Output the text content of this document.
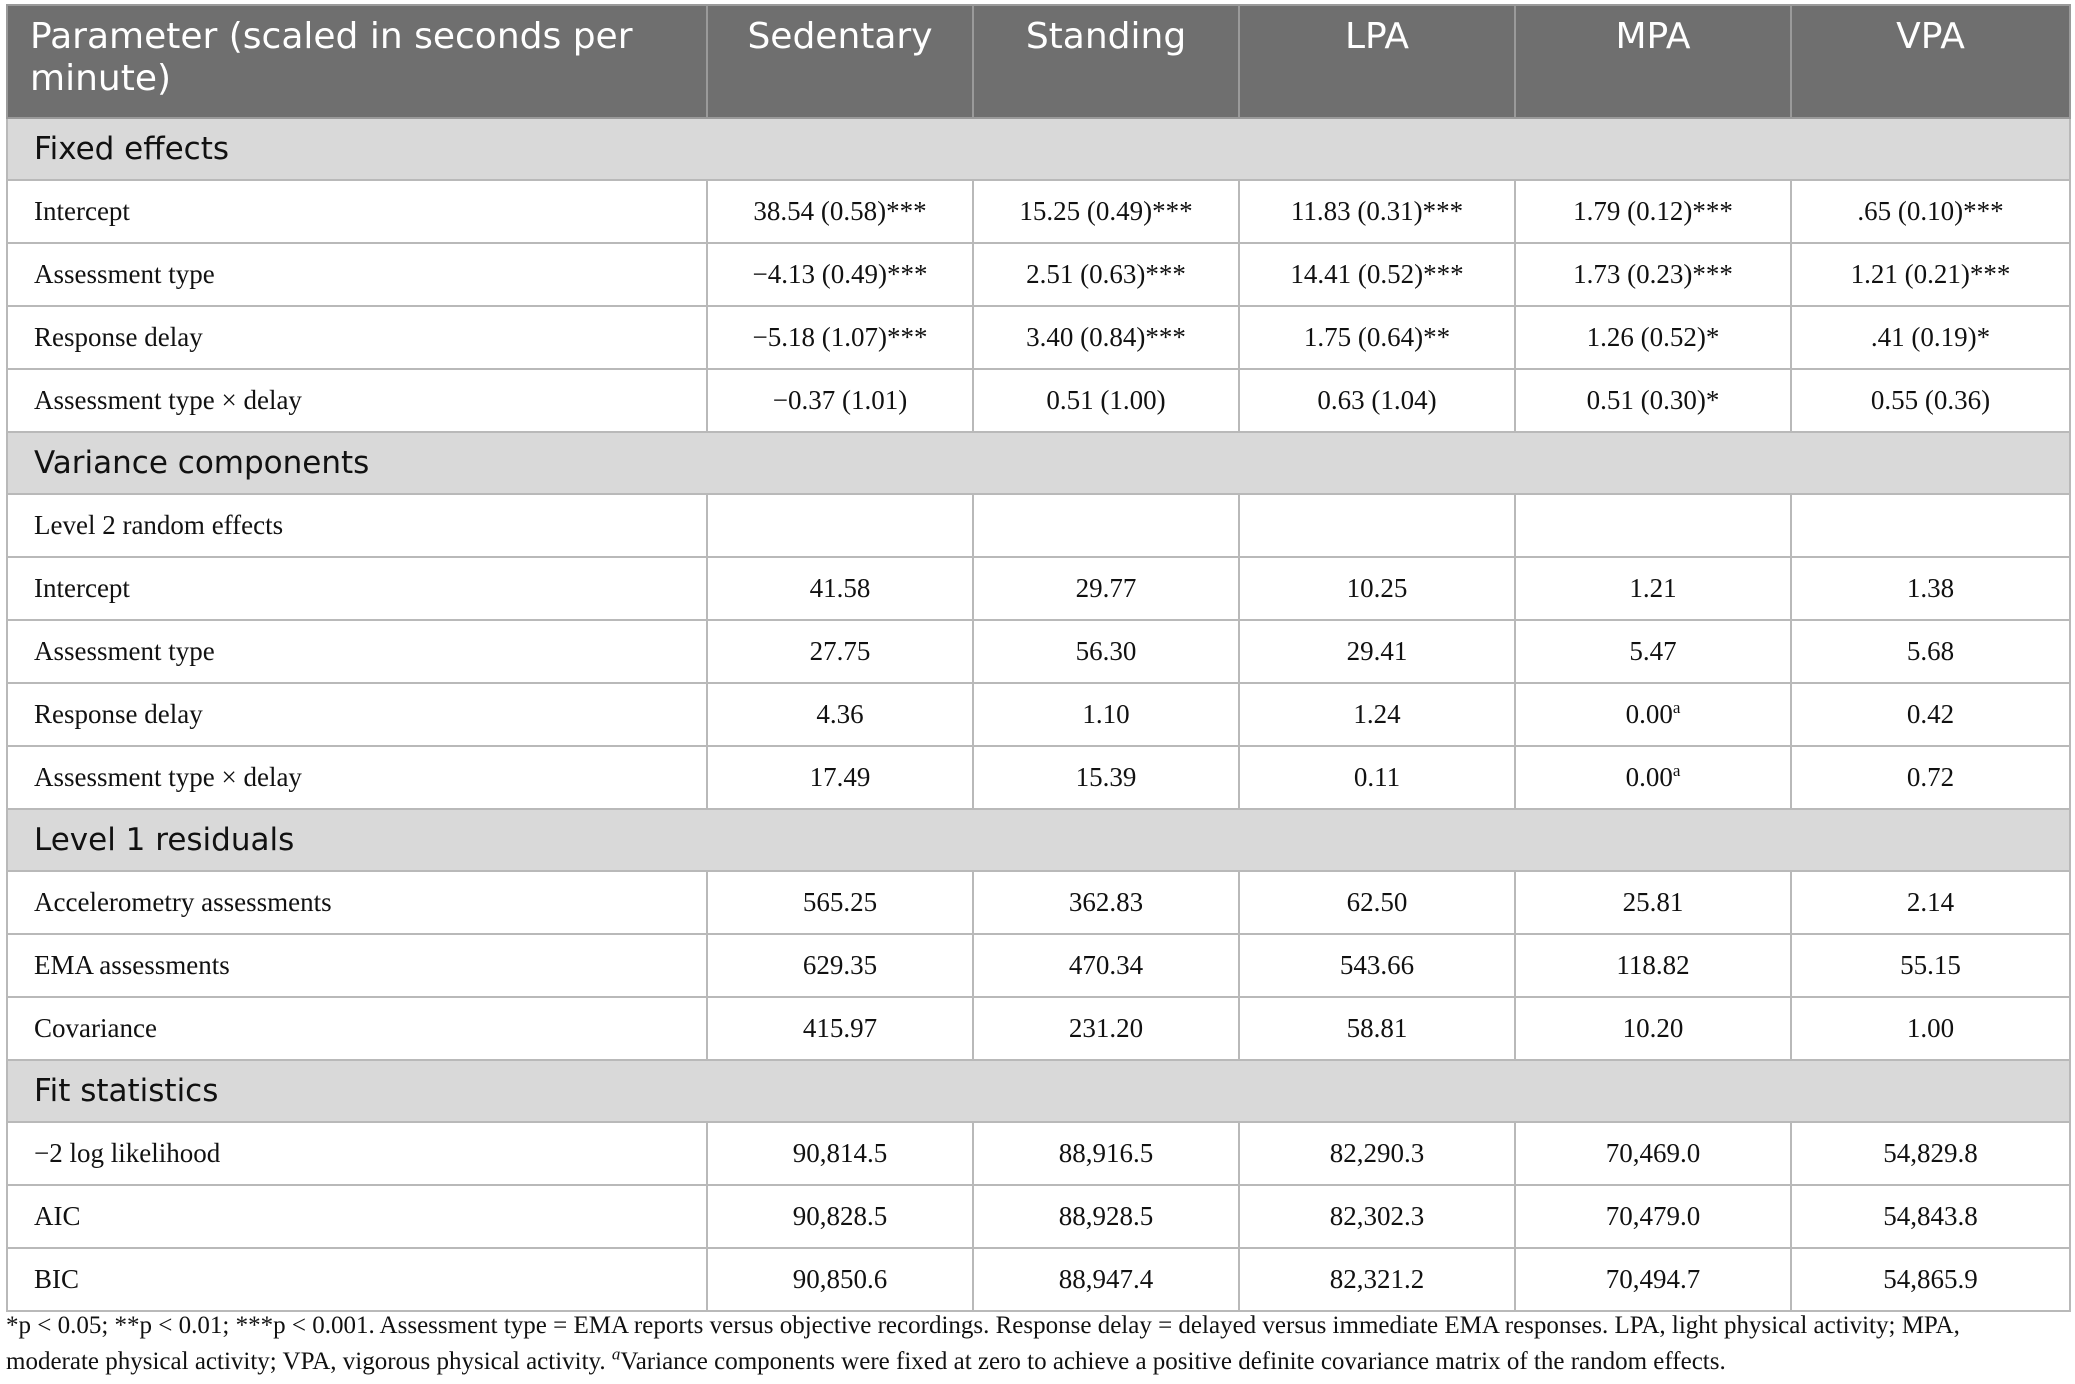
Parameter (scaled in seconds per minute)	Sedentary	Standing	LPA	MPA	VPA
Fixed effects					
Intercept	38.54 (0.58)***	15.25 (0.49)***	11.83 (0.31)***	1.79 (0.12)***	.65 (0.10)***
Assessment type	−4.13 (0.49)***	2.51 (0.63)***	14.41 (0.52)***	1.73 (0.23)***	1.21 (0.21)***
Response delay	−5.18 (1.07)***	3.40 (0.84)***	1.75 (0.64)**	1.26 (0.52)*	.41 (0.19)*
Assessment type × delay	−0.37 (1.01)	0.51 (1.00)	0.63 (1.04)	0.51 (0.30)*	0.55 (0.36)
Variance components					
Level 2 random effects					
Intercept	41.58	29.77	10.25	1.21	1.38
Assessment type	27.75	56.30	29.41	5.47	5.68
Response delay	4.36	1.10	1.24	0.00$^a$	0.42
Assessment type × delay	17.49	15.39	0.11	0.00$^a$	0.72
Level 1 residuals					
Accelerometry assessments	565.25	362.83	62.50	25.81	2.14
EMA assessments	629.35	470.34	543.66	118.82	55.15
Covariance	415.97	231.20	58.81	10.20	1.00
Fit statistics					
−2 log likelihood	90,814.5	88,916.5	82,290.3	70,469.0	54,829.8
AIC	90,828.5	88,928.5	82,302.3	70,479.0	54,843.8
BIC	90,850.6	88,947.4	82,321.2	70,494.7	54,865.9

*p < 0.05; **p < 0.01; ***p < 0.001. Assessment type = EMA reports versus objective recordings. Response delay = delayed versus immediate EMA responses. LPA, light physical activity; MPA,
moderate physical activity; VPA, vigorous physical activity. $^a$Variance components were fixed at zero to achieve a positive definite covariance matrix of the random effects.
